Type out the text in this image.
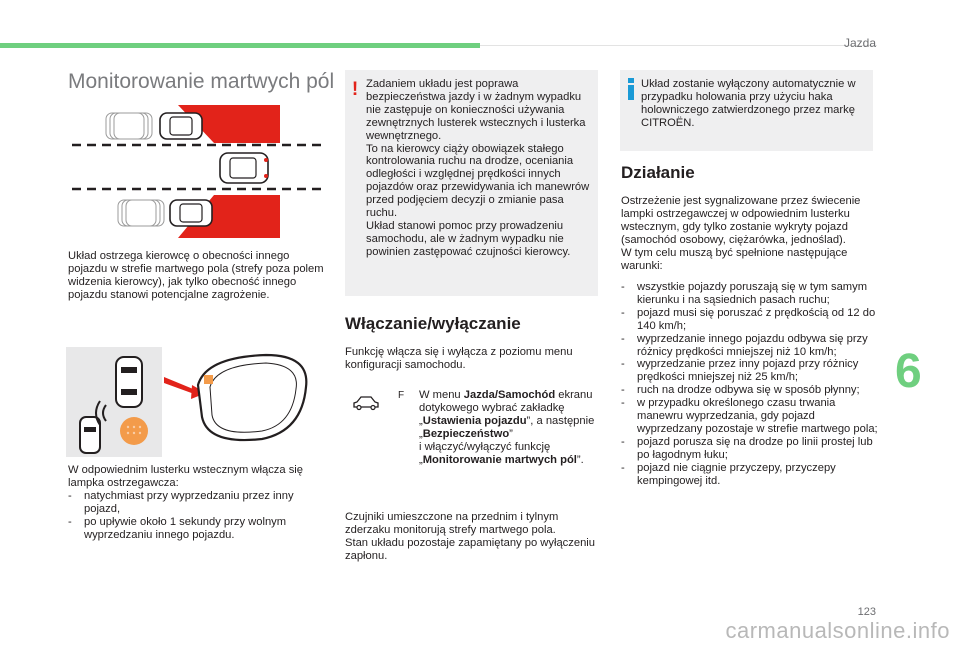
Jazda
Monitorowanie martwych pól

Układ ostrzega kierowcę o obecności innego pojazdu w strefie martwego pola (strefy poza polem widzenia kierowcy), jak tylko obecność innego pojazdu stanowi potencjalne zagrożenie.

W odpowiednim lusterku wstecznym włącza się lampka ostrzegawcza:

- natychmiast przy wyprzedzaniu przez inny pojazd,
- po upływie około 1 sekundy przy wolnym wyprzedzaniu innego pojazdu.
! Zadaniem układu jest poprawa bezpieczeństwa jazdy i w żadnym wypadku nie zastępuje on konieczności używania zewnętrznych lusterek wstecznych i lusterka wewnętrznego.
To na kierowcy ciąży obowiązek stałego kontrolowania ruchu na drodze, oceniania odległości i względnej prędkości innych pojazdów oraz przewidywania ich manewrów przed podjęciem decyzji o zmianie pasa ruchu.
Układ stanowi pomoc przy prowadzeniu samochodu, ale w żadnym wypadku nie powinien zastępować czujności kierowcy.

Układ zostanie wyłączony automatycznie w przypadku holowania przy użyciu haka holowniczego zatwierdzonego przez markę CITROËN.

Włączanie/wyłączanie

Funkcję włącza się i wyłącza z poziomu menu konfiguracji samochodu.

F W menu Jazda/Samochód ekranu dotykowego wybrać zakładkę „Ustawienia pojazdu”, a następnie „Bezpieczeństwo”
i włączyć/wyłączyć funkcję „Monitorowanie martwych pól”.

Czujniki umieszczone na przednim i tylnym zderzaku monitorują strefy martwego pola.
Stan układu pozostaje zapamiętany po wyłączeniu zapłonu.

Działanie

Ostrzeżenie jest sygnalizowane przez świecenie lampki ostrzegawczej w odpowiednim lusterku wstecznym, gdy tylko zostanie wykryty pojazd (samochód osobowy, ciężarówka, jednoślad).
W tym celu muszą być spełnione następujące warunki:

- wszystkie pojazdy poruszają się w tym samym kierunku i na sąsiednich pasach ruchu;
- pojazd musi się poruszać z prędkością od 12 do 140 km/h;
- wyprzedzanie innego pojazdu odbywa się przy różnicy prędkości mniejszej niż 10 km/h;
- wyprzedzanie przez inny pojazd przy różnicy prędkości mniejszej niż 25 km/h;
- ruch na drodze odbywa się w sposób płynny;
- w przypadku określonego czasu trwania manewru wyprzedzania, gdy pojazd wyprzedzany pozostaje w strefie martwego pola;
- pojazd porusza się na drodze po linii prostej lub po łagodnym łuku;
- pojazd nie ciągnie przyczepy, przyczepy kempingowej itd.
6
123
carmanualsonline.info
